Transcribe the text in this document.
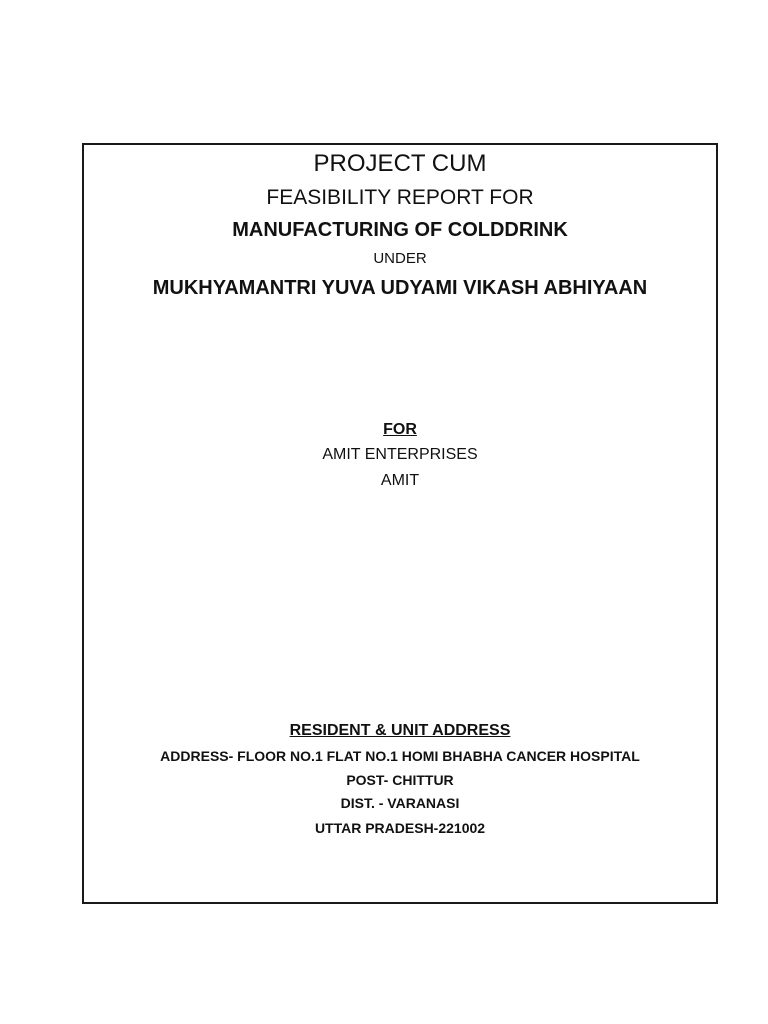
PROJECT CUM
FEASIBILITY REPORT FOR
MANUFACTURING OF COLDDRINK
UNDER
MUKHYAMANTRI YUVA UDYAMI VIKASH ABHIYAAN
FOR
AMIT ENTERPRISES
AMIT
RESIDENT & UNIT ADDRESS
ADDRESS- FLOOR NO.1 FLAT NO.1 HOMI BHABHA CANCER HOSPITAL
POST- CHITTUR
DIST. - VARANASI
UTTAR PRADESH-221002
